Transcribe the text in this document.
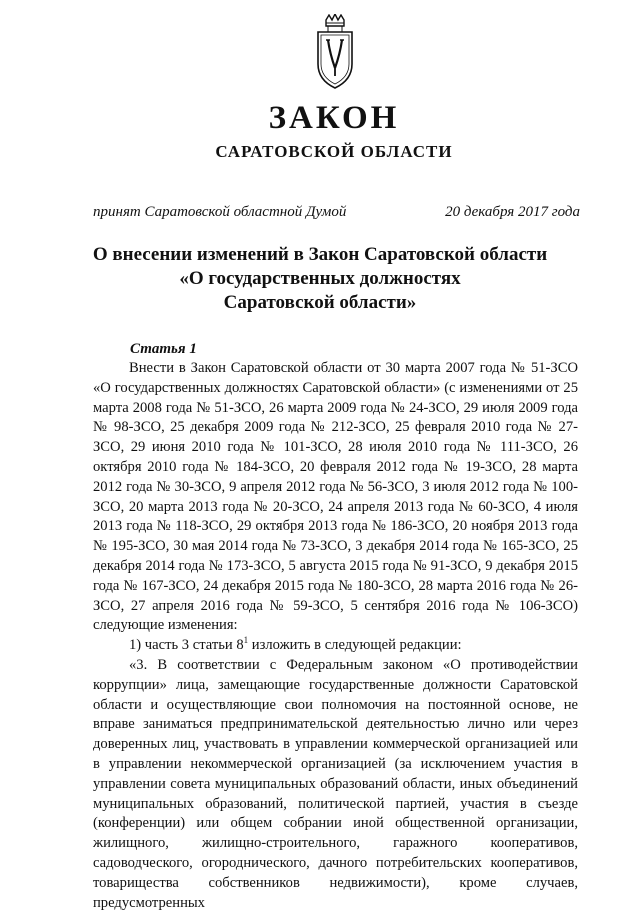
ЗАКОН
САРАТОВСКОЙ ОБЛАСТИ
принят Саратовской областной Думой	20 декабря 2017 года
О внесении изменений в Закон Саратовской области
«О государственных должностях
Саратовской области»
Статья 1

Внести в Закон Саратовской области от 30 марта 2007 года № 51-ЗСО «О государственных должностях Саратовской области» (с изменениями от 25 марта 2008 года № 51-ЗСО, 26 марта 2009 года № 24-ЗСО, 29 июля 2009 года № 98-ЗСО, 25 декабря 2009 года № 212-ЗСО, 25 февраля 2010 года № 27-ЗСО, 29 июня 2010 года № 101-ЗСО, 28 июля 2010 года № 111-ЗСО, 26 октября 2010 года № 184-ЗСО, 20 февраля 2012 года № 19-ЗСО, 28 марта 2012 года № 30-ЗСО, 9 апреля 2012 года № 56-ЗСО, 3 июля 2012 года № 100-ЗСО, 20 марта 2013 года № 20-ЗСО, 24 апреля 2013 года № 60-ЗСО, 4 июля 2013 года № 118-ЗСО, 29 октября 2013 года № 186-ЗСО, 20 ноября 2013 года № 195-ЗСО, 30 мая 2014 года № 73-ЗСО, 3 декабря 2014 года № 165-ЗСО, 25 декабря 2014 года № 173-ЗСО, 5 августа 2015 года № 91-ЗСО, 9 декабря 2015 года № 167-ЗСО, 24 декабря 2015 года № 180-ЗСО, 28 марта 2016 года № 26-ЗСО, 27 апреля 2016 года № 59-ЗСО, 5 сентября 2016 года № 106-ЗСО) следующие изменения:

1) часть 3 статьи $8^1$ изложить в следующей редакции:

«3. В соответствии с Федеральным законом «О противодействии коррупции» лица, замещающие государственные должности Саратовской области и осуществляющие свои полномочия на постоянной основе, не вправе заниматься предпринимательской деятельностью лично или через доверенных лиц, участвовать в управлении коммерческой организацией или в управлении некоммерческой организацией (за исключением участия в управлении совета муниципальных образований области, иных объединений муниципальных образований, политической партией, участия в съезде (конференции) или общем собрании иной общественной организации, жилищного, жилищно-строительного, гаражного кооперативов, садоводческого, огороднического, дачного потребительских кооперативов, товарищества собственников недвижимости), кроме случаев, предусмотренных
